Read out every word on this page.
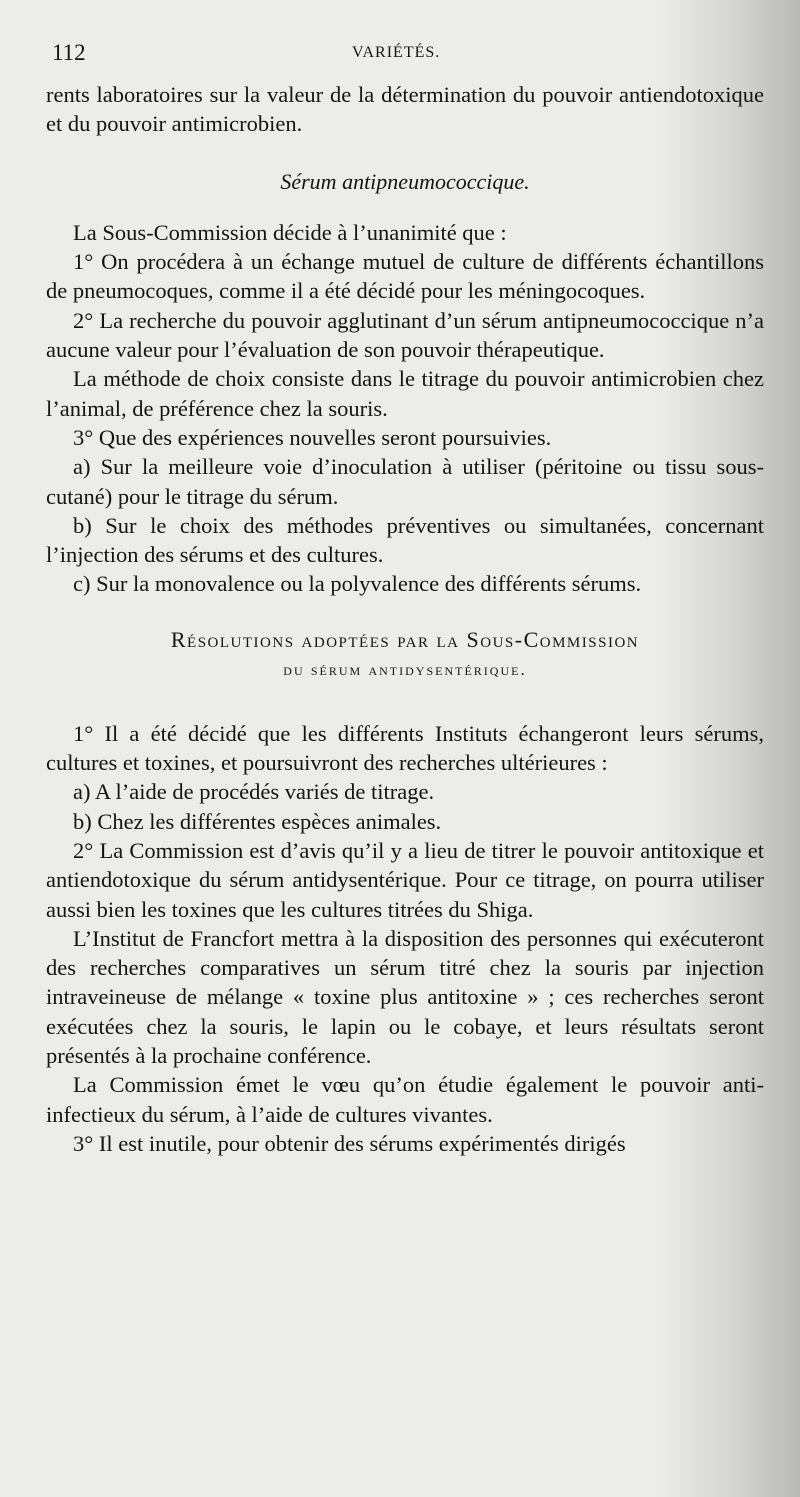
112	VARIÉTÉS.

rents laboratoires sur la valeur de la détermination du pouvoir antiendotoxique et du pouvoir antimicrobien.

Sérum antipneumococcique.

La Sous-Commission décide à l’unanimité que :

1° On procédera à un échange mutuel de culture de différents échantillons de pneumocoques, comme il a été décidé pour les méningocoques.

2° La recherche du pouvoir agglutinant d’un sérum antipneumococcique n’a aucune valeur pour l’évaluation de son pouvoir thérapeutique.

La méthode de choix consiste dans le titrage du pouvoir antimicrobien chez l’animal, de préférence chez la souris.

3° Que des expériences nouvelles seront poursuivies.

a) Sur la meilleure voie d’inoculation à utiliser (péritoine ou tissu sous-cutané) pour le titrage du sérum.

b) Sur le choix des méthodes préventives ou simultanées, concernant l’injection des sérums et des cultures.

c) Sur la monovalence ou la polyvalence des différents sérums.

Résolutions adoptées par la Sous-Commission
du sérum antidysentérique.

1° Il a été décidé que les différents Instituts échangeront leurs sérums, cultures et toxines, et poursuivront des recherches ultérieures :

a) A l’aide de procédés variés de titrage.

b) Chez les différentes espèces animales.

2° La Commission est d’avis qu’il y a lieu de titrer le pouvoir antitoxique et antiendotoxique du sérum antidysentérique. Pour ce titrage, on pourra utiliser aussi bien les toxines que les cultures titrées du Shiga.

L’Institut de Francfort mettra à la disposition des personnes qui exécuteront des recherches comparatives un sérum titré chez la souris par injection intraveineuse de mélange « toxine plus antitoxine » ; ces recherches seront exécutées chez la souris, le lapin ou le cobaye, et leurs résultats seront présentés à la prochaine conférence.

La Commission émet le vœu qu’on étudie également le pouvoir anti-infectieux du sérum, à l’aide de cultures vivantes.

3° Il est inutile, pour obtenir des sérums expérimentés dirigés
